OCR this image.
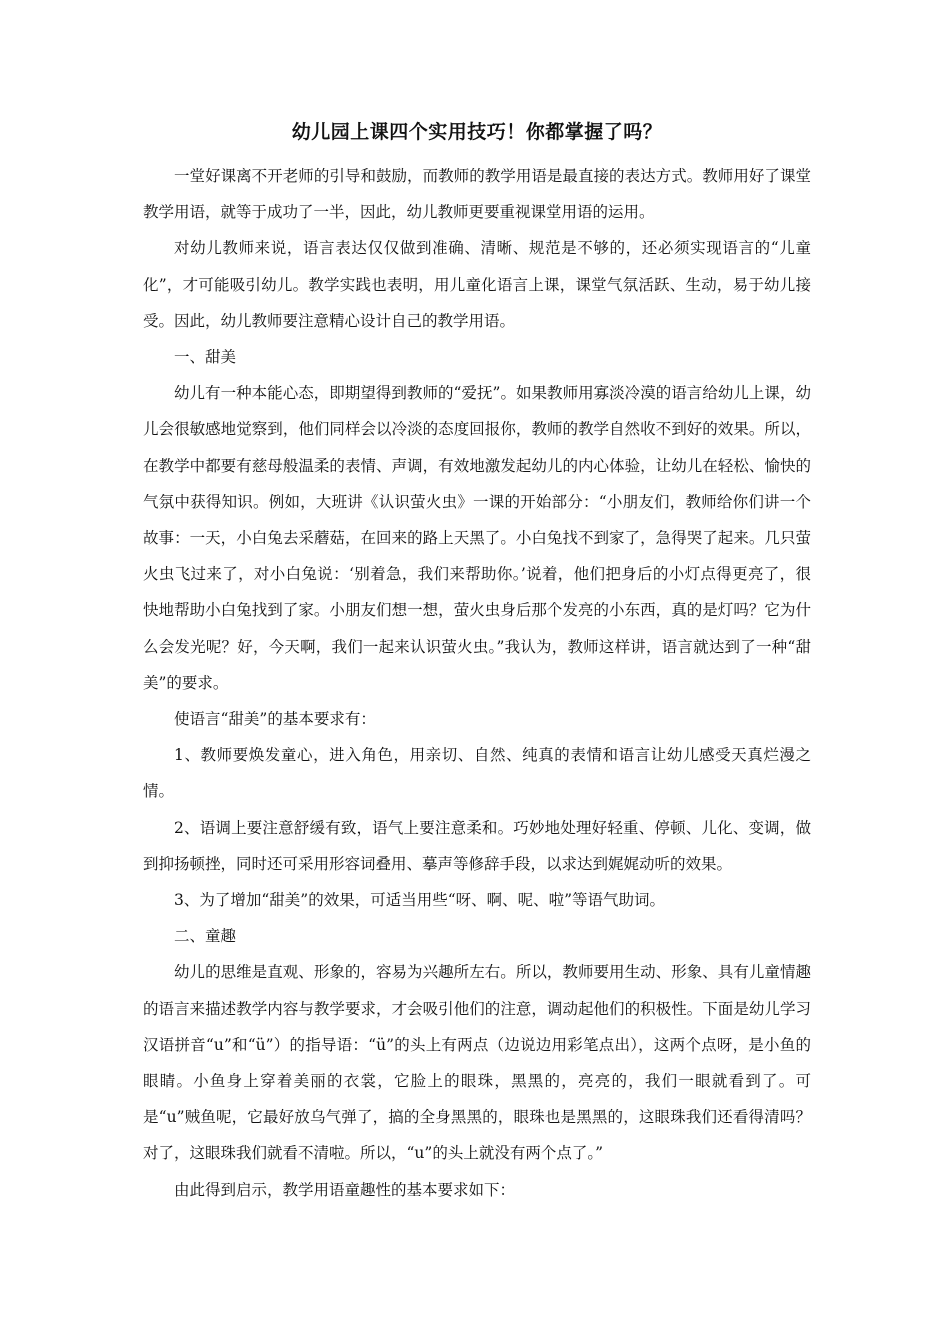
幼儿园上课四个实用技巧！你都掌握了吗？

一堂好课离不开老师的引导和鼓励，而教师的教学用语是最直接的表达方式。教师用好了课堂教学用语，就等于成功了一半，因此，幼儿教师更要重视课堂用语的运用。

对幼儿教师来说，语言表达仅仅做到准确、清晰、规范是不够的，还必须实现语言的“儿童化”，才可能吸引幼儿。教学实践也表明，用儿童化语言上课，课堂气氛活跃、生动，易于幼儿接受。因此，幼儿教师要注意精心设计自己的教学用语。

一、甜美

幼儿有一种本能心态，即期望得到教师的“爱抚”。如果教师用寡淡冷漠的语言给幼儿上课，幼儿会很敏感地觉察到，他们同样会以冷淡的态度回报你，教师的教学自然收不到好的效果。所以，在教学中都要有慈母般温柔的表情、声调，有效地激发起幼儿的内心体验，让幼儿在轻松、愉快的气氛中获得知识。例如，大班讲《认识萤火虫》一课的开始部分：“小朋友们，教师给你们讲一个故事：一天，小白兔去采蘑菇，在回来的路上天黑了。小白兔找不到家了，急得哭了起来。几只萤火虫飞过来了，对小白兔说：‘别着急，我们来帮助你。’说着，他们把身后的小灯点得更亮了，很快地帮助小白兔找到了家。小朋友们想一想，萤火虫身后那个发亮的小东西，真的是灯吗？它为什么会发光呢？好，今天啊，我们一起来认识萤火虫。”我认为，教师这样讲，语言就达到了一种“甜美”的要求。

使语言“甜美”的基本要求有：

1、教师要焕发童心，进入角色，用亲切、自然、纯真的表情和语言让幼儿感受天真烂漫之情。

2、语调上要注意舒缓有致，语气上要注意柔和。巧妙地处理好轻重、停顿、儿化、变调，做到抑扬顿挫，同时还可采用形容词叠用、摹声等修辞手段，以求达到娓娓动听的效果。

3、为了增加“甜美”的效果，可适当用些“呀、啊、呢、啦”等语气助词。

二、童趣

幼儿的思维是直观、形象的，容易为兴趣所左右。所以，教师要用生动、形象、具有儿童情趣的语言来描述教学内容与教学要求，才会吸引他们的注意，调动起他们的积极性。下面是幼儿学习汉语拼音“u”和“ü”）的指导语：“ü”的头上有两点（边说边用彩笔点出），这两个点呀，是小鱼的眼睛。小鱼身上穿着美丽的衣裳，它脸上的眼珠，黑黑的，亮亮的，我们一眼就看到了。可是“u”贼鱼呢，它最好放乌气弹了，搞的全身黑黑的，眼珠也是黑黑的，这眼珠我们还看得清吗？对了，这眼珠我们就看不清啦。所以，“u”的头上就没有两个点了。”

由此得到启示，教学用语童趣性的基本要求如下：
